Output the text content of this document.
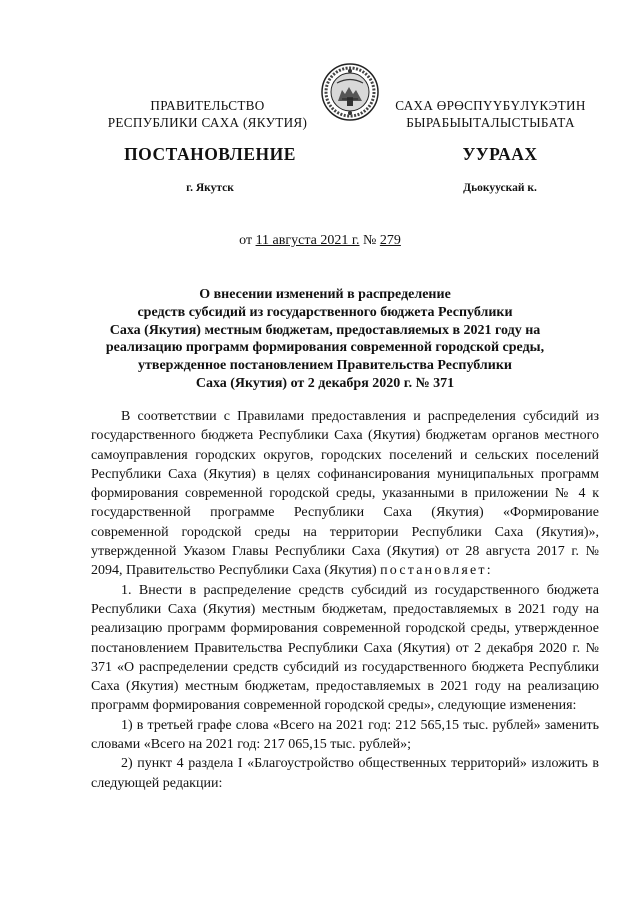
ПРАВИТЕЛЬСТВО
РЕСПУБЛИКИ САХА (ЯКУТИЯ)
САХА ӨРӨСПҮҮБҮЛҮКЭТИН
БЫРАБЫЫТАЛЫСТЫБАТА
ПОСТАНОВЛЕНИЕ	УУРААХ
г. Якутск	Дьокуускай к.
от 11 августа 2021 г. № 279
О внесении изменений в распределение
средств субсидий из государственного бюджета Республики
Саха (Якутия) местным бюджетам, предоставляемых в 2021 году на
реализацию программ формирования современной городской среды,
утвержденное постановлением Правительства Республики
Саха (Якутия) от 2 декабря 2020 г. № 371

В соответствии с Правилами предоставления и распределения субсидий из государственного бюджета Республики Саха (Якутия) бюджетам органов местного самоуправления городских округов, городских поселений и сельских поселений Республики Саха (Якутия) в целях софинансирования муниципальных программ формирования современной городской среды, указанными в приложении № 4 к государственной программе Республики Саха (Якутия) «Формирование современной городской среды на территории Республики Саха (Якутия)», утвержденной Указом Главы Республики Саха (Якутия) от 28 августа 2017 г. № 2094, Правительство Республики Саха (Якутия) постановляет:

1. Внести в распределение средств субсидий из государственного бюджета Республики Саха (Якутия) местным бюджетам, предоставляемых в 2021 году на реализацию программ формирования современной городской среды, утвержденное постановлением Правительства Республики Саха (Якутия) от 2 декабря 2020 г. № 371 «О распределении средств субсидий из государственного бюджета Республики Саха (Якутия) местным бюджетам, предоставляемых в 2021 году на реализацию программ формирования современной городской среды», следующие изменения:

1) в третьей графе слова «Всего на 2021 год: 212 565,15 тыс. рублей» заменить словами «Всего на 2021 год: 217 065,15 тыс. рублей»;

2) пункт 4 раздела I «Благоустройство общественных территорий» изложить в следующей редакции:
